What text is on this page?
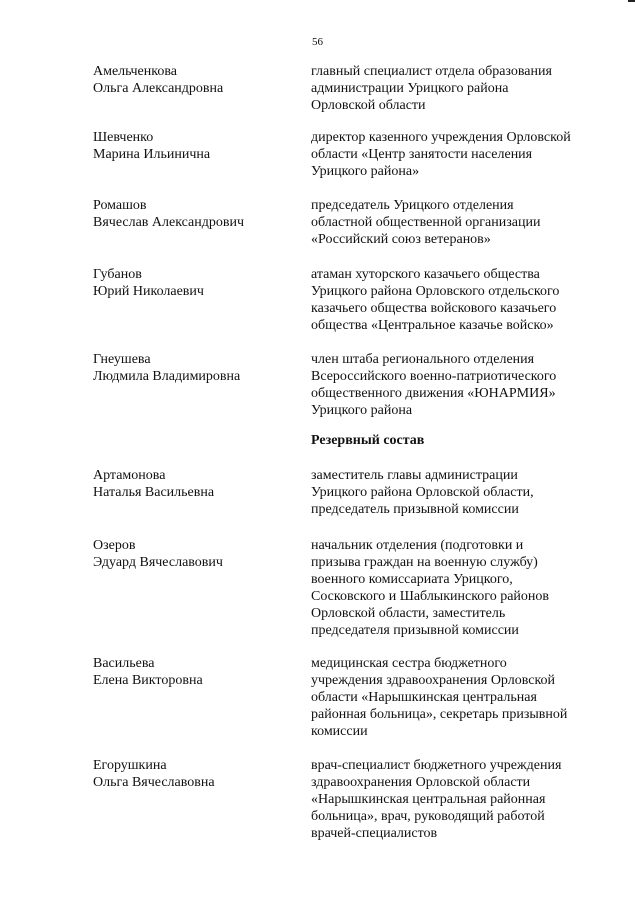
56
Амельченкова
Ольга Александровна
главный специалист отдела образования
администрации Урицкого района
Орловской области
Шевченко
Марина Ильинична
директор казенного учреждения Орловской
области «Центр занятости населения
Урицкого района»
Ромашов
Вячеслав Александрович
председатель Урицкого отделения
областной общественной организации
«Российский союз ветеранов»
Губанов
Юрий Николаевич
атаман хуторского казачьего общества
Урицкого района Орловского отдельского
казачьего общества войскового казачьего
общества «Центральное казачье войско»
Гнеушева
Людмила Владимировна
член штаба регионального отделения
Всероссийского военно-патриотического
общественного движения «ЮНАРМИЯ»
Урицкого района
Резервный состав
Артамонова
Наталья Васильевна
заместитель главы администрации
Урицкого района Орловской области,
председатель призывной комиссии
Озеров
Эдуард Вячеславович
начальник отделения (подготовки и
призыва граждан на военную службу)
военного комиссариата Урицкого,
Сосковского и Шаблыкинского районов
Орловской области, заместитель
председателя призывной комиссии
Васильева
Елена Викторовна
медицинская сестра бюджетного
учреждения здравоохранения Орловской
области «Нарышкинская центральная
районная больница», секретарь призывной
комиссии
Егорушкина
Ольга Вячеславовна
врач-специалист бюджетного учреждения
здравоохранения Орловской области
«Нарышкинская центральная районная
больница», врач, руководящий работой
врачей-специалистов
